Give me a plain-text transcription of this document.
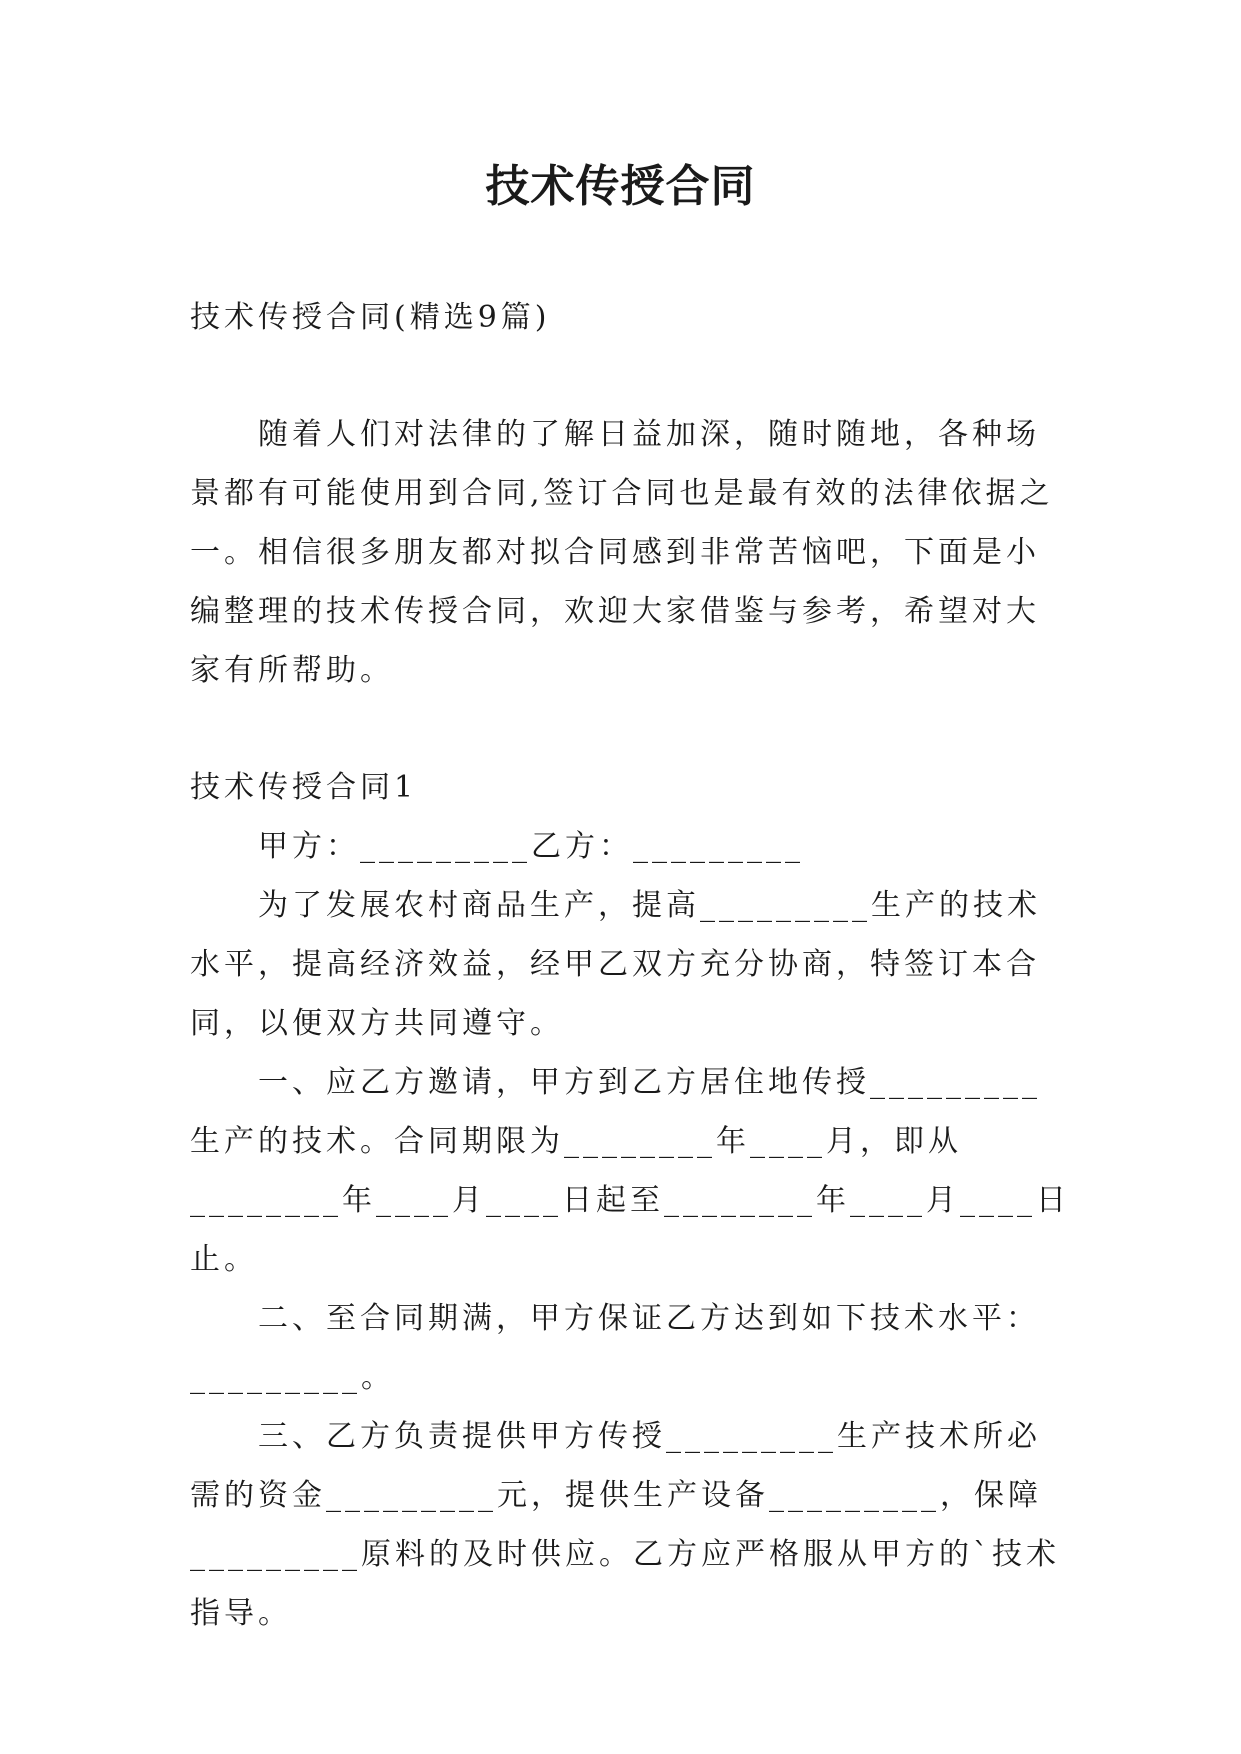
技术传授合同

技术传授合同(精选9篇)

随着人们对法律的了解日益加深，随时随地，各种场景都有可能使用到合同,签订合同也是最有效的法律依据之一。相信很多朋友都对拟合同感到非常苦恼吧，下面是小编整理的技术传授合同，欢迎大家借鉴与参考，希望对大家有所帮助。

技术传授合同1

甲方：_________乙方：_________

为了发展农村商品生产，提高_________生产的技术水平，提高经济效益，经甲乙双方充分协商，特签订本合同，以便双方共同遵守。

一、应乙方邀请，甲方到乙方居住地传授_________生产的技术。合同期限为________年____月，即从________年____月____日起至________年____月____日止。

二、至合同期满，甲方保证乙方达到如下技术水平：_________。

三、乙方负责提供甲方传授_________生产技术所必需的资金_________元，提供生产设备_________，保障_________原料的及时供应。乙方应严格服从甲方的`技术指导。
